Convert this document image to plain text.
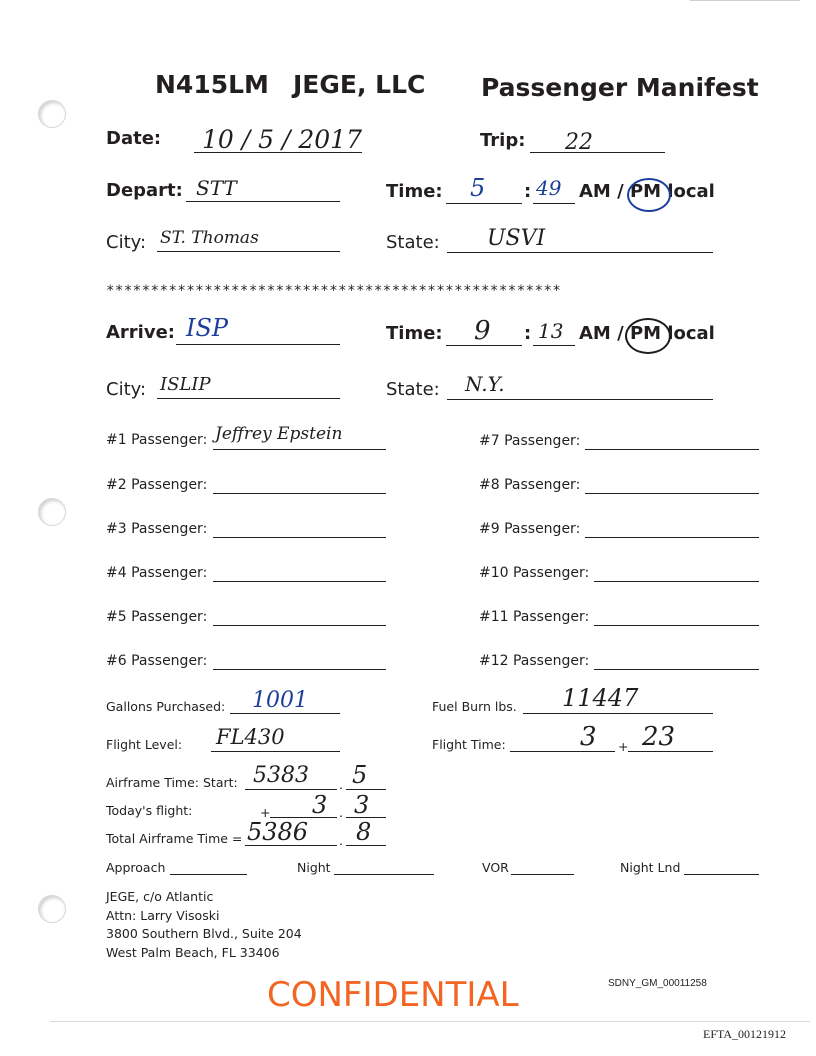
N415LM JEGE, LLC Passenger Manifest
Date: 10 / 5 / 2017	Trip: 22
Depart: STT	Time: 5 : 49 AM / PM local
City: ST. Thomas	State: USVI
***************************************************
Arrive: ISP	Time: 9 : 13 AM / PM local
City: ISLIP	State: N.Y.
#1 Passenger: Jeffrey Epstein
#2 Passenger:
#3 Passenger:
#4 Passenger:
#5 Passenger:
#6 Passenger:
#7 Passenger:
#8 Passenger:
#9 Passenger:
#10 Passenger:
#11 Passenger:
#12 Passenger:
Gallons Purchased: 1001	Fuel Burn lbs. 11447
Flight Level: FL430	Flight Time:	3 + 23
Airframe Time: Start: 5383 . 5
Today's flight:	+ 3 . 3
Total Airframe Time = 5386 . 8
Approach	Night	VOR	Night Lnd
JEGE, c/o Atlantic
Attn: Larry Visoski
3800 Southern Blvd., Suite 204
West Palm Beach, FL 33406
SDNY_GM_00011258
CONFIDENTIAL
EFTA_00121912
